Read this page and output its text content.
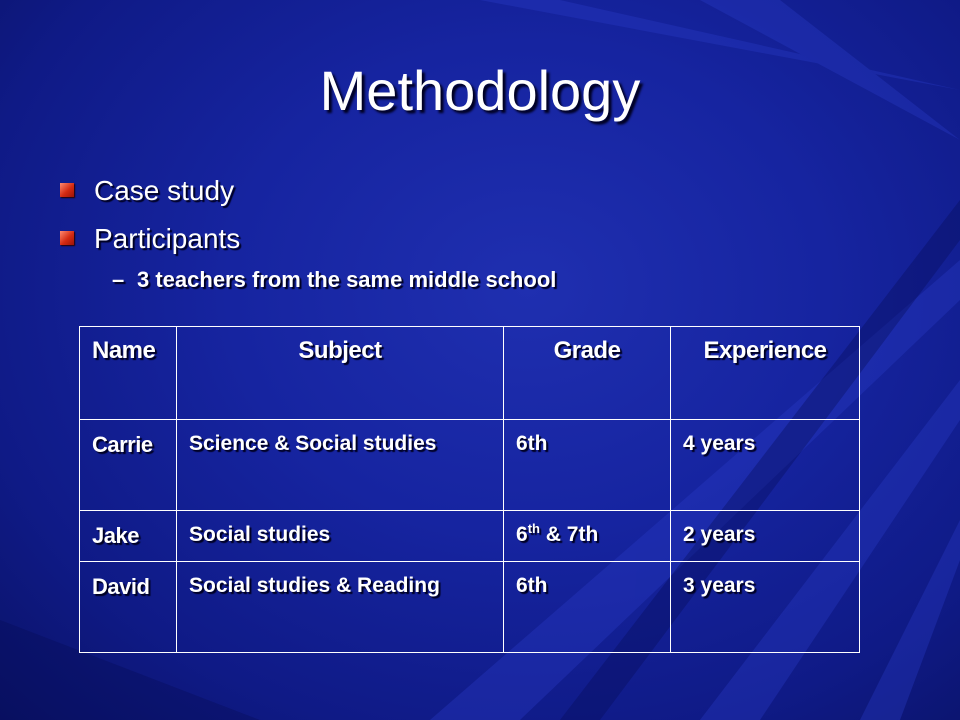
Methodology
Case study
Participants
– 3 teachers from the same middle school
Name	Subject	Grade	Experience
Carrie	Science & Social studies	6th	4 years
Jake	Social studies	6th & 7th	2 years
David	Social studies & Reading	6th	3 years
